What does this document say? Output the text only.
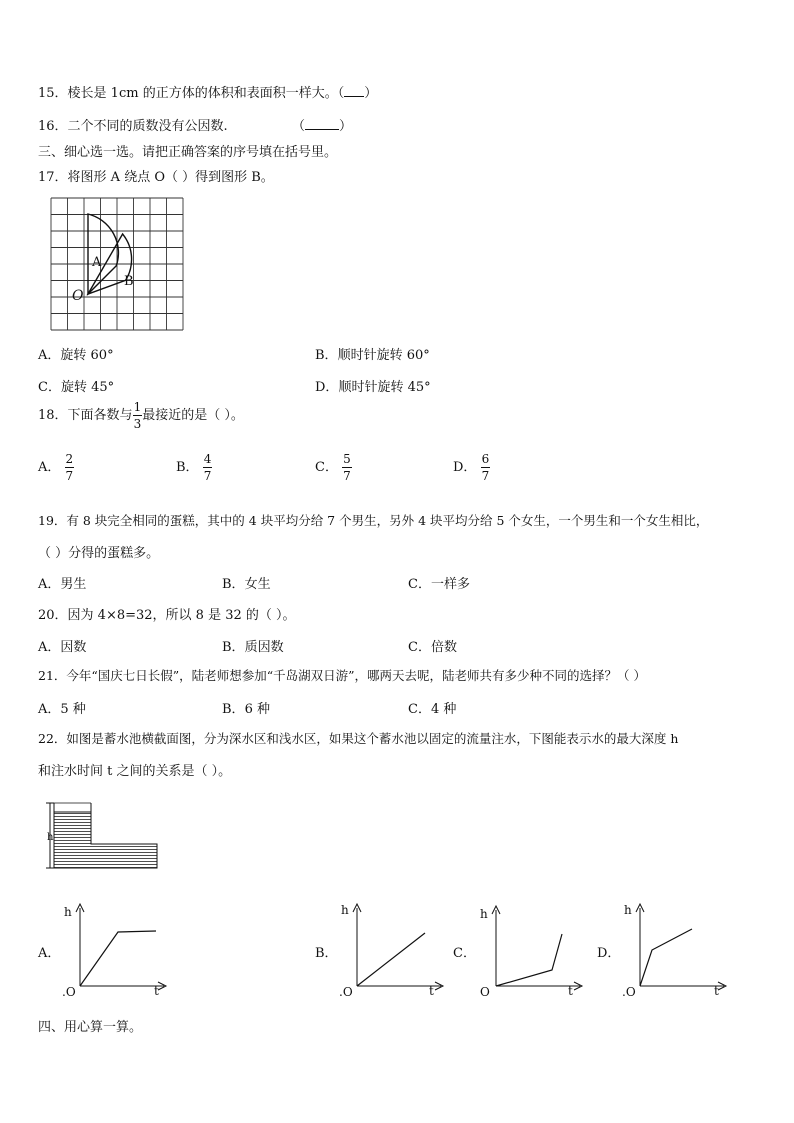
15．棱长是 1cm 的正方体的体积和表面积一样大。（ ）
16．二个不同的质数没有公因数.	（	）
三、细心选一选。请把正确答案的序号填在括号里。
17．将图形 A 绕点 O（ ）得到图形 B。
A
B
O
A．旋转 60°	B．顺时针旋转 60°
C．旋转 45°	D．顺时针旋转 45°
18．下面各数与 $\frac{1}{3}$ 最接近的是（ ）。
A． $\frac{2}{7}$	B． $\frac{4}{7}$	C． $\frac{5}{7}$	D． $\frac{6}{7}$
19．有 8 块完全相同的蛋糕，其中的 4 块平均分给 7 个男生，另外 4 块平均分给 5 个女生，一个男生和一个女生相比，
（ ）分得的蛋糕多。
A．男生	B．女生	C．一样多
20．因为 4×8=32，所以 8 是 32 的（ ）。
A．因数	B．质因数	C．倍数
21．今年“国庆七日长假”，陆老师想参加“千岛湖双日游”，哪两天去呢，陆老师共有多少种不同的选择？（ ）
A．5 种	B．6 种	C．4 种
22．如图是蓄水池横截面图，分为深水区和浅水区，如果这个蓄水池以固定的流量注水，下图能表示水的最大深度 h
和注水时间 t 之间的关系是（ ）。
h
A．
h
t
.O
B．
h
t
.O
C．
h
t
O
D．
h
t
.O
四、用心算一算。
